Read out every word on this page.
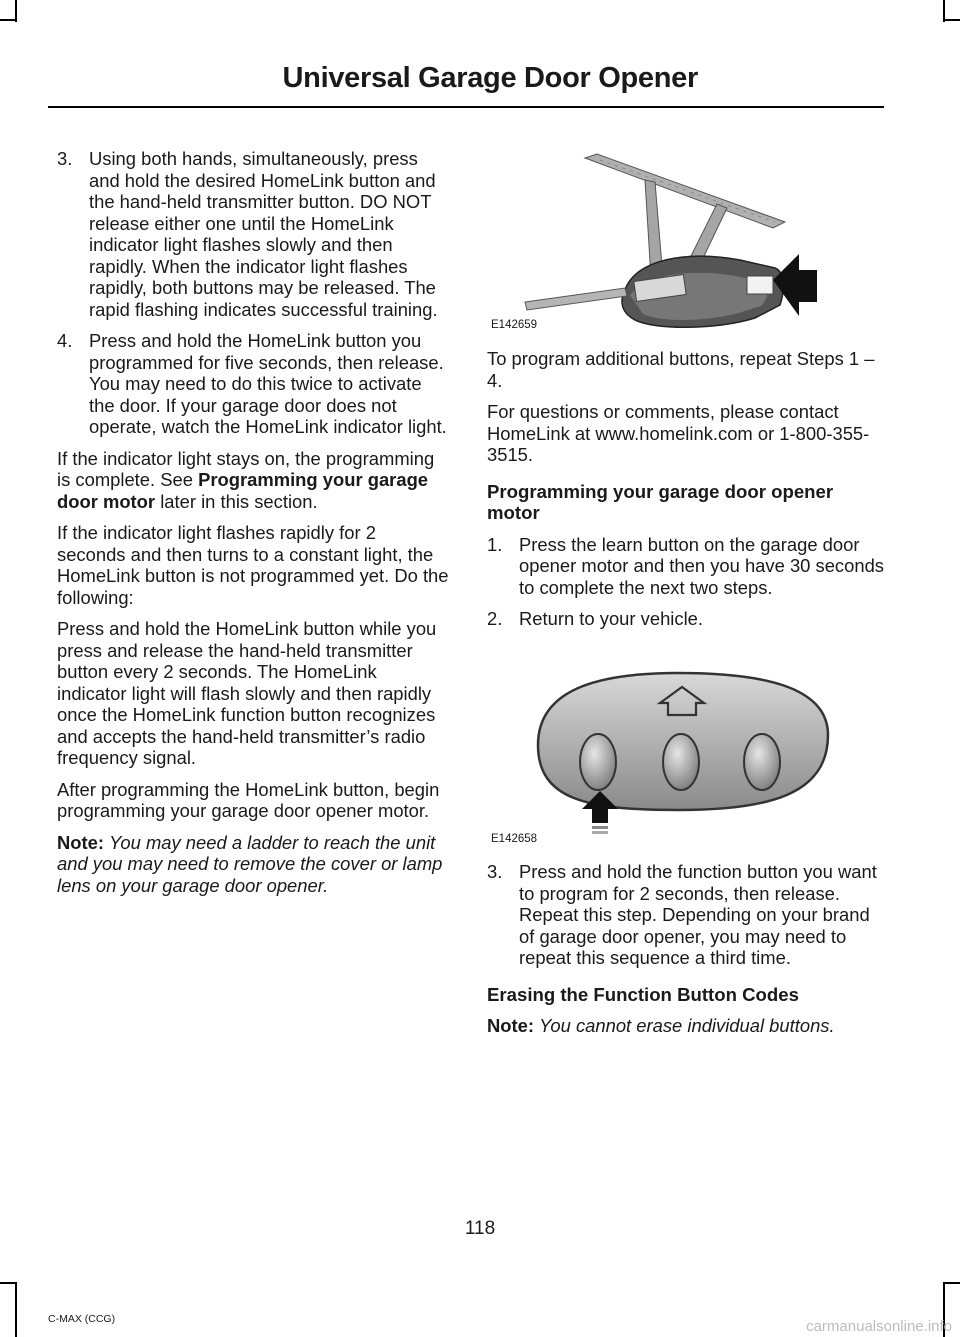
Universal Garage Door Opener
3. Using both hands, simultaneously, press and hold the desired HomeLink button and the hand-held transmitter button. DO NOT release either one until the HomeLink indicator light flashes slowly and then rapidly. When the indicator light flashes rapidly, both buttons may be released. The rapid flashing indicates successful training.
4. Press and hold the HomeLink button you programmed for five seconds, then release. You may need to do this twice to activate the door. If your garage door does not operate, watch the HomeLink indicator light.

If the indicator light stays on, the programming is complete. See Programming your garage door motor later in this section.

If the indicator light flashes rapidly for 2 seconds and then turns to a constant light, the HomeLink button is not programmed yet. Do the following:

Press and hold the HomeLink button while you press and release the hand-held transmitter button every 2 seconds. The HomeLink indicator light will flash slowly and then rapidly once the HomeLink function button recognizes and accepts the hand-held transmitter’s radio frequency signal.

After programming the HomeLink button, begin programming your garage door opener motor.

Note: You may need a ladder to reach the unit and you may need to remove the cover or lamp lens on your garage door opener.

E142659

To program additional buttons, repeat Steps 1 – 4.

For questions or comments, please contact HomeLink at www.homelink.com or 1-800-355-3515.

Programming your garage door opener motor

1. Press the learn button on the garage door opener motor and then you have 30 seconds to complete the next two steps.
2. Return to your vehicle.
E142658
3. Press and hold the function button you want to program for 2 seconds, then release. Repeat this step. Depending on your brand of garage door opener, you may need to repeat this sequence a third time.

Erasing the Function Button Codes

Note: You cannot erase individual buttons.

118
C-MAX (CCG)	carmanualsonline.info
